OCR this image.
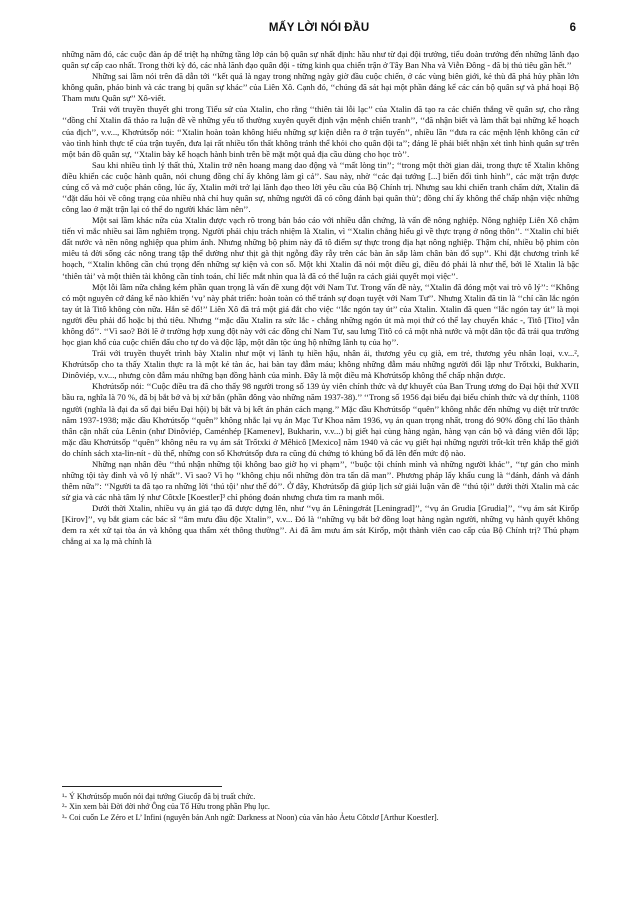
MẤY LỜI NÓI ĐẦU	6

những năm đó, các cuộc đàn áp để triệt hạ những tầng lớp cán bộ quân sự nhất định: hầu như từ đại đội trưởng, tiểu đoàn trưởng đến những lãnh đạo quân sự cấp cao nhất. Trong thời kỳ đó, các nhà lãnh đạo quân đội - từng kinh qua chiến trận ở Tây Ban Nha và Viễn Đông - đã bị thủ tiêu gần hết.’’

Những sai lầm nói trên đã dẫn tới ‘‘kết quả là ngay trong những ngày giờ đầu cuộc chiến, ở các vùng biên giới, kẻ thù đã phá hủy phần lớn không quân, pháo binh và các trang bị quân sự khác’’ của Liên Xô. Cạnh đó, ‘‘chúng đã sát hại một phần đáng kể các cán bộ quân sự và phá hoại Bộ Tham mưu Quân sự’’ Xô-viết.

Trái với truyền thuyết ghi trong Tiểu sử của Xtalin, cho rằng ‘‘thiên tài lỗi lạc’’ của Xtalin đã tạo ra các chiến thắng về quân sự, cho rằng ‘‘đồng chí Xtalin đã thảo ra luận đề về những yếu tố thường xuyên quyết định vận mệnh chiến tranh’’, ‘‘đã nhận biết và làm thất bại những kế hoạch của địch’’, v.v..., Khơrútsốp nói: ‘‘Xtalin hoàn toàn không hiểu những sự kiện diễn ra ở trận tuyến’’, nhiều lần ‘‘đưa ra các mệnh lệnh không căn cứ vào tình hình thực tế của trận tuyến, đưa lại rất nhiều tổn thất không tránh thể khỏi cho quân đội ta’’; đáng lẽ phải biết nhận xét tình hình quân sự trên một bản đồ quân sự, ‘‘Xtalin bày kế hoạch hành binh trên bề mặt một quả địa cầu dùng cho học trò’’.

Sau khi nhiều tình lý thất thủ, Xtalin trở nên hoang mang dao động và ‘‘mất lòng tin’’; ‘‘trong một thời gian dài, trong thực tế Xtalin không điều khiển các cuộc hành quân, nói chung đồng chí ấy không làm gì cả’’. Sau này, nhờ ‘‘các đại tướng [...] biến đổi tình hình’’, các mặt trận được củng cố và mở cuộc phản công, lúc ấy, Xtalin mới trở lại lãnh đạo theo lời yêu cầu của Bộ Chính trị. Nhưng sau khi chiến tranh chấm dứt, Xtalin đã ‘‘đặt dấu hỏi về công trạng của nhiều nhà chỉ huy quân sự, những người đã có công đánh bại quân thù’; đồng chí ấy không thể chấp nhận việc những công lao ở mặt trận lại có thể do người khác làm nên’’.

Một sai lầm khác nữa của Xtalin được vạch rõ trong bản báo cáo với nhiều dẫn chứng, là vấn đề nông nghiệp. Nông nghiệp Liên Xô chậm tiến vì mắc nhiều sai lầm nghiêm trọng. Người phải chịu trách nhiệm là Xtalin, vì ‘‘Xtalin chẳng hiểu gì về thực trạng ở nông thôn’’. ‘‘Xtalin chỉ biết đất nước và nền nông nghiệp qua phim ảnh. Nhưng những bộ phim này đã tô điểm sự thực trong địa hạt nông nghiệp. Thậm chí, nhiều bộ phim còn miêu tả đời sống các nông trang tập thể dường như thịt gà thịt ngỗng đầy rẫy trên các bàn ăn sắp làm chân bàn đổ sụp’’. Khi đặt chương trình kế hoạch, ‘‘Xtalin không cần chú trọng đến những sự kiện và con số. Một khi Xtalin đã nói một điều gì, điều đó phải là như thế, bởi lẽ Xtalin là bậc ‘thiên tài’ và một thiên tài không cần tính toán, chỉ liếc mắt nhìn qua là đã có thể luận ra cách giải quyết mọi việc’’.

Một lỗi lầm nữa chẳng kém phần quan trọng là vấn đề xung đột với Nam Tư. Trong vấn đề này, ‘‘Xtalin đã đóng một vai trò vô lý’’: ‘‘Không có một nguyên cớ đáng kể nào khiến ‘vụ’ này phát triển: hoàn toàn có thể tránh sự đoạn tuyệt với Nam Tư’’. Nhưng Xtalin đã tin là ‘‘chỉ cần lắc ngón tay út là Titô không còn nữa. Hắn sẽ đổ!’’ Liên Xô đã trả một giá đắt cho việc ‘‘lắc ngón tay út’’ của Xtalin. Xtalin đã quen ‘‘lắc ngón tay út’’ là mọi người đều phải đổ hoặc bị thủ tiêu. Nhưng ‘‘mặc dầu Xtalin ra sức lắc - chẳng những ngón út mà mọi thứ có thể lay chuyển khác -, Titô [Tito] vẫn không đổ’’. ‘‘Vì sao? Bởi lẽ ở trường hợp xung đột này với các đồng chí Nam Tư, sau lưng Titô có cả một nhà nước và một dân tộc đã trải qua trường học gian khổ của cuộc chiến đấu cho tự do và độc lập, một dân tộc ủng hộ những lãnh tụ của họ’’.

Trái với truyền thuyết trình bày Xtalin như một vị lãnh tụ hiền hậu, nhân ái, thương yêu cụ già, em trẻ, thương yêu nhân loại, v.v...², Khơrútsốp cho ta thấy Xtalin thực ra là một kẻ tàn ác, hai bàn tay đẫm máu; không những đẫm máu những người đối lập như Trốtxki, Bukharin, Dinôviép, v.v..., nhưng còn đẫm máu những bạn đồng hành của mình. Đây là một điều mà Khơrútsốp không thể chấp nhận được.

Khơrútsốp nói: ‘‘Cuộc điều tra đã cho thấy 98 người trong số 139 ủy viên chính thức và dự khuyết của Ban Trung ương do Đại hội thứ XVII bầu ra, nghĩa là 70 %, đã bị bắt bớ và bị xử bắn (phần đông vào những năm 1937-38).’’ ‘‘Trong số 1956 đại biểu đại biểu chính thức và dự thính, 1108 người (nghĩa là đại đa số đại biểu Đại hội) bị bắt và bị kết án phản cách mạng.’’ Mặc dầu Khơrútsốp ‘‘quên’’ không nhắc đến những vụ diệt trừ trước năm 1937-1938; mặc dầu Khơrútsốp ‘‘quên’’ không nhắc lại vụ án Mạc Tư Khoa năm 1936, vụ án quan trọng nhất, trong đó 90% đồng chí lão thành thân cận nhất của Lênin (như Dinôviép, Caménhép [Kamenev], Bukharin, v.v...) bị giết hại cùng hàng ngàn, hàng vạn cán bộ và đảng viên đối lập; mặc dầu Khơrútsốp ‘‘quên’’ không nêu ra vụ ám sát Trốtxki ở Mêhicô [Mexico] năm 1940 và các vụ giết hại những người trốt-kít trên khắp thế giới do chính sách xta-lin-nít - dù thế, những con số Khơrútsốp đưa ra cũng đủ chứng tỏ khủng bố đã lên đến mức độ nào.

Những nạn nhân đều ‘‘thú nhận những tội không bao giờ họ vi phạm’’, ‘‘buộc tội chính mình và những người khác’’, ‘‘tự gán cho mình những tội tày đình và vô lý nhất’’. Vì sao? Vì họ ‘‘không chịu nổi những đòn tra tấn dã man’’. Phương pháp lấy khẩu cung là ‘‘đánh, đánh và đánh thêm nữa’’: ‘‘Người ta đã tạo ra những lời ‘thú tội’ như thế đó’’. Ở đây, Khơrútsốp đã giúp lịch sử giải luận văn đề ‘‘thú tội’’ dưới thời Xtalin mà các sử gia và các nhà tâm lý như Côtxle [Koestler]³ chỉ phỏng đoán nhưng chưa tìm ra manh mối.

Dưới thời Xtalin, nhiều vụ án giả tạo đã được dựng lên, như ‘‘vụ án Lêningơrát [Leningrad]’’, ‘‘vụ án Grudia [Grudia]’’, ‘‘vụ ám sát Kirốp [Kirov]’’, vụ bắt giam các bác sĩ ‘‘âm mưu đầu độc Xtalin’’, v.v... Đó là ‘‘những vụ bắt bớ đồng loạt hàng ngàn người, những vụ hành quyết không đem ra xét xử tại tòa án và không qua thẩm xét thông thường’’. Ai đã âm mưu ám sát Kirốp, một thành viên cao cấp của Bộ Chính trị? Thủ phạm chẳng ai xa lạ mà chính là

¹- Ý Khơrútsốp muốn nói đại tướng Giucốp đã bị truất chức.
²- Xin xem bài Đời đời nhớ Ông của Tố Hữu trong phần Phụ lục.
³- Coi cuốn Le Zéro et L’ Infini (nguyên bản Anh ngữ: Darkness at Noon) của văn hào Ảetu Côtxlơ [Arthur Koestler].
